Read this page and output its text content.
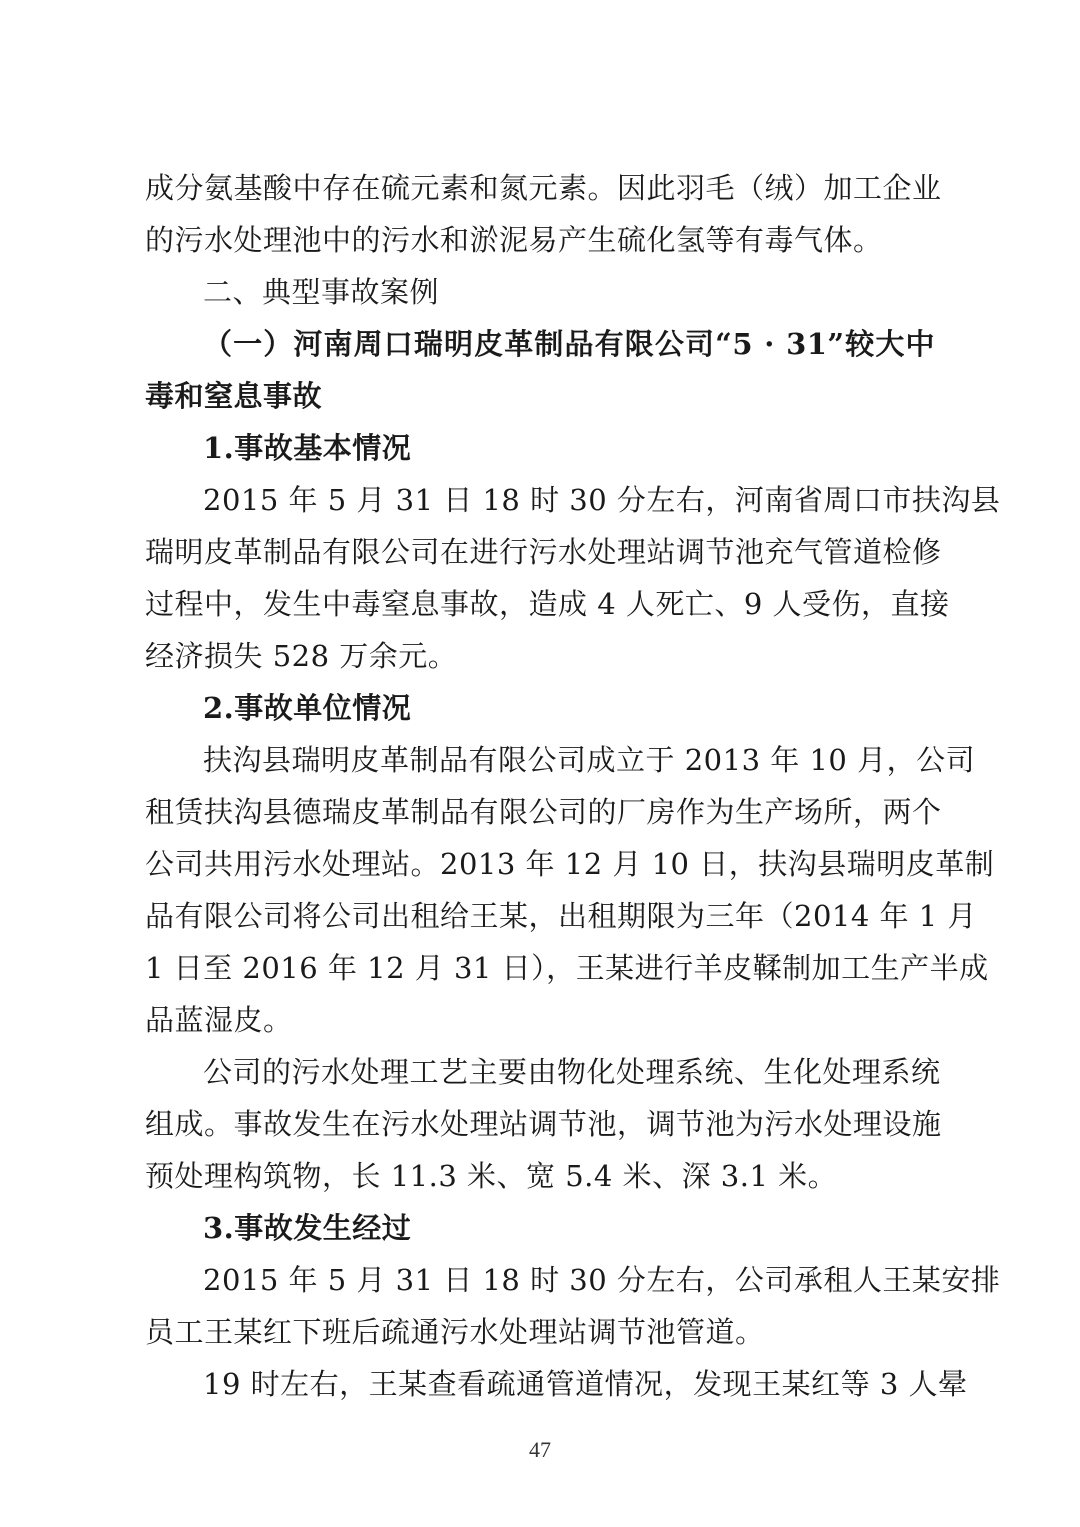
成分氨基酸中存在硫元素和氮元素。因此羽毛（绒）加工企业
的污水处理池中的污水和淤泥易产生硫化氢等有毒气体。
二、典型事故案例
（一）河南周口瑞明皮革制品有限公司“5 · 31”较大中
毒和窒息事故
1.事故基本情况
2015 年 5 月 31 日 18 时 30 分左右，河南省周口市扶沟县
瑞明皮革制品有限公司在进行污水处理站调节池充气管道检修
过程中，发生中毒窒息事故，造成 4 人死亡、9 人受伤，直接
经济损失 528 万余元。
2.事故单位情况
扶沟县瑞明皮革制品有限公司成立于 2013 年 10 月，公司
租赁扶沟县德瑞皮革制品有限公司的厂房作为生产场所，两个
公司共用污水处理站。2013 年 12 月 10 日，扶沟县瑞明皮革制
品有限公司将公司出租给王某，出租期限为三年（2014 年 1 月
1 日至 2016 年 12 月 31 日），王某进行羊皮鞣制加工生产半成
品蓝湿皮。
公司的污水处理工艺主要由物化处理系统、生化处理系统
组成。事故发生在污水处理站调节池，调节池为污水处理设施
预处理构筑物，长 11.3 米、宽 5.4 米、深 3.1 米。
3.事故发生经过
2015 年 5 月 31 日 18 时 30 分左右，公司承租人王某安排
员工王某红下班后疏通污水处理站调节池管道。
19 时左右，王某查看疏通管道情况，发现王某红等 3 人晕
47
